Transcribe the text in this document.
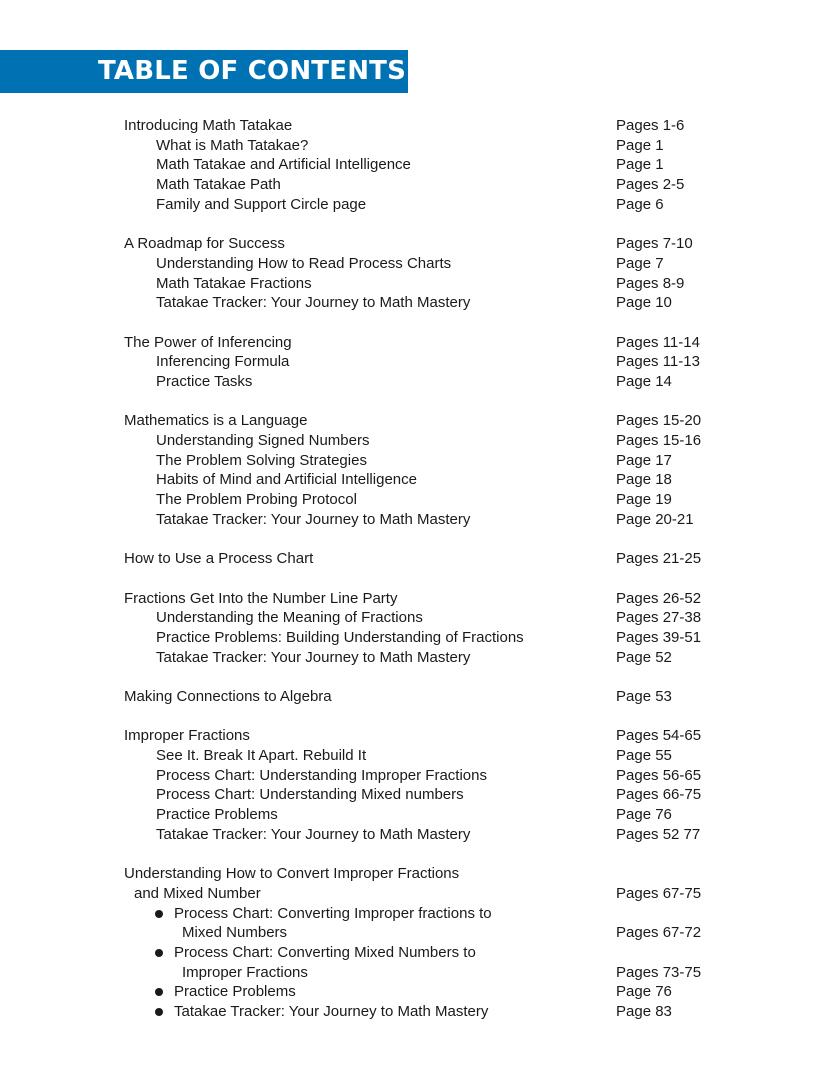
TABLE OF CONTENTS
Introducing Math Tatakae	Pages 1-6
What is Math Tatakae?	Page 1
Math Tatakae and Artificial Intelligence	Page 1
Math Tatakae Path	Pages 2-5
Family and Support Circle page	Page 6
A Roadmap for Success	Pages 7-10
Understanding How to Read Process Charts	Page 7
Math Tatakae Fractions	Pages 8-9
Tatakae Tracker: Your Journey to Math Mastery	Page 10
The Power of Inferencing	Pages 11-14
Inferencing Formula	Pages 11-13
Practice Tasks	Page 14
Mathematics is a Language	Pages 15-20
Understanding Signed Numbers	Pages 15-16
The Problem Solving Strategies	Page 17
Habits of Mind and Artificial Intelligence	Page 18
The Problem Probing Protocol	Page 19
Tatakae Tracker: Your Journey to Math Mastery	Page 20-21
How to Use a Process Chart	Pages 21-25
Fractions Get Into the Number Line Party	Pages 26-52
Understanding the Meaning of Fractions	Pages 27-38
Practice Problems: Building Understanding of Fractions	Pages 39-51
Tatakae Tracker: Your Journey to Math Mastery	Page 52
Making Connections to Algebra	Page 53
Improper Fractions	Pages 54-65
See It. Break It Apart. Rebuild It	Page 55
Process Chart: Understanding Improper Fractions	Pages 56-65
Process Chart: Understanding Mixed numbers	Pages 66-75
Practice Problems	Page 76
Tatakae Tracker: Your Journey to Math Mastery	Pages 52 77
Understanding How to Convert Improper Fractions
and Mixed Number	Pages 67-75
Process Chart: Converting Improper fractions to
Mixed Numbers	Pages 67-72
Process Chart: Converting Mixed Numbers to
Improper Fractions	Pages 73-75
Practice Problems	Page 76
Tatakae Tracker: Your Journey to Math Mastery	Page 83
